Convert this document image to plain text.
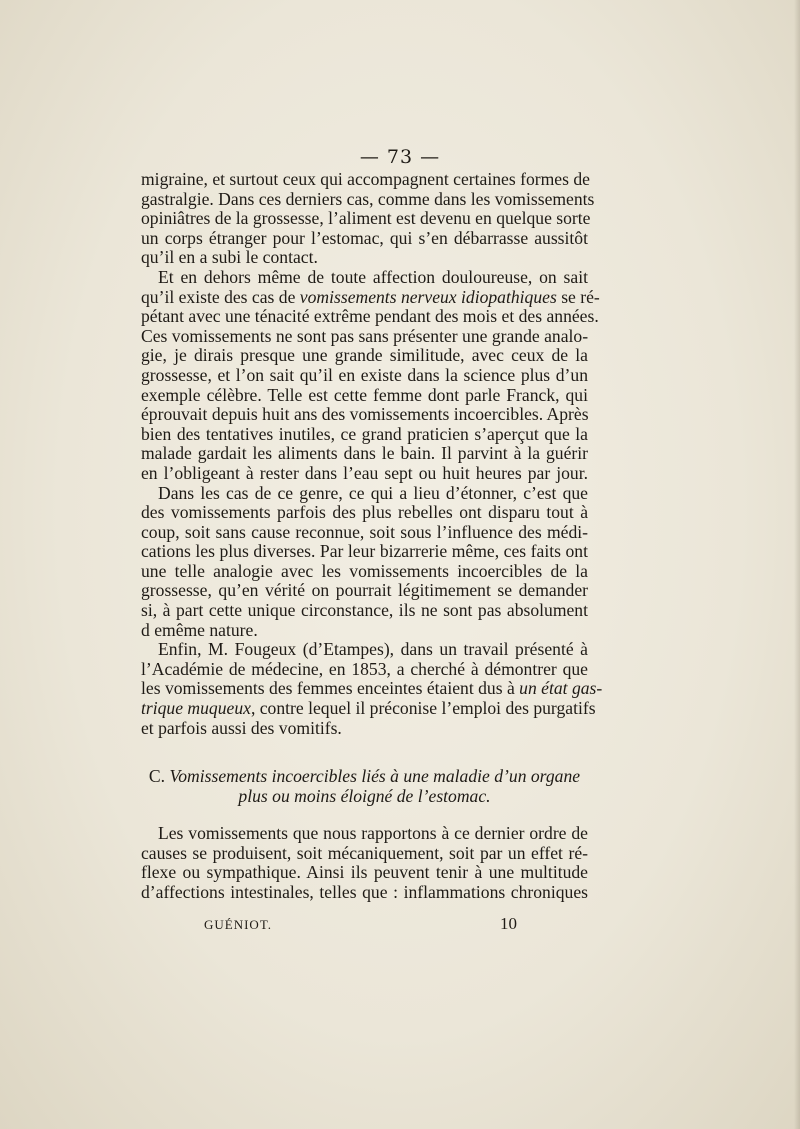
— 73 —
migraine, et surtout ceux qui accompagnent certaines formes de
gastralgie. Dans ces derniers cas, comme dans les vomissements
opiniâtres de la grossesse, l’aliment est devenu en quelque sorte
un corps étranger pour l’estomac, qui s’en débarrasse aussitôt
qu’il en a subi le contact.
Et en dehors même de toute affection douloureuse, on sait
qu’il existe des cas de vomissements nerveux idiopathiques se ré-
pétant avec une ténacité extrême pendant des mois et des années.
Ces vomissements ne sont pas sans présenter une grande analo-
gie, je dirais presque une grande similitude, avec ceux de la
grossesse, et l’on sait qu’il en existe dans la science plus d’un
exemple célèbre. Telle est cette femme dont parle Franck, qui
éprouvait depuis huit ans des vomissements incoercibles. Après
bien des tentatives inutiles, ce grand praticien s’aperçut que la
malade gardait les aliments dans le bain. Il parvint à la guérir
en l’obligeant à rester dans l’eau sept ou huit heures par jour.
Dans les cas de ce genre, ce qui a lieu d’étonner, c’est que
des vomissements parfois des plus rebelles ont disparu tout à
coup, soit sans cause reconnue, soit sous l’influence des médi-
cations les plus diverses. Par leur bizarrerie même, ces faits ont
une telle analogie avec les vomissements incoercibles de la
grossesse, qu’en vérité on pourrait légitimement se demander
si, à part cette unique circonstance, ils ne sont pas absolument
d emême nature.
Enfin, M. Fougeux (d’Etampes), dans un travail présenté à
l’Académie de médecine, en 1853, a cherché à démontrer que
les vomissements des femmes enceintes étaient dus à un état gas-
trique muqueux, contre lequel il préconise l’emploi des purgatifs
et parfois aussi des vomitifs.
C. Vomissements incoercibles liés à une maladie d’un organe
plus ou moins éloigné de l’estomac.
Les vomissements que nous rapportons à ce dernier ordre de
causes se produisent, soit mécaniquement, soit par un effet ré-
flexe ou sympathique. Ainsi ils peuvent tenir à une multitude
d’affections intestinales, telles que : inflammations chroniques
GUÉNIOT.	10
